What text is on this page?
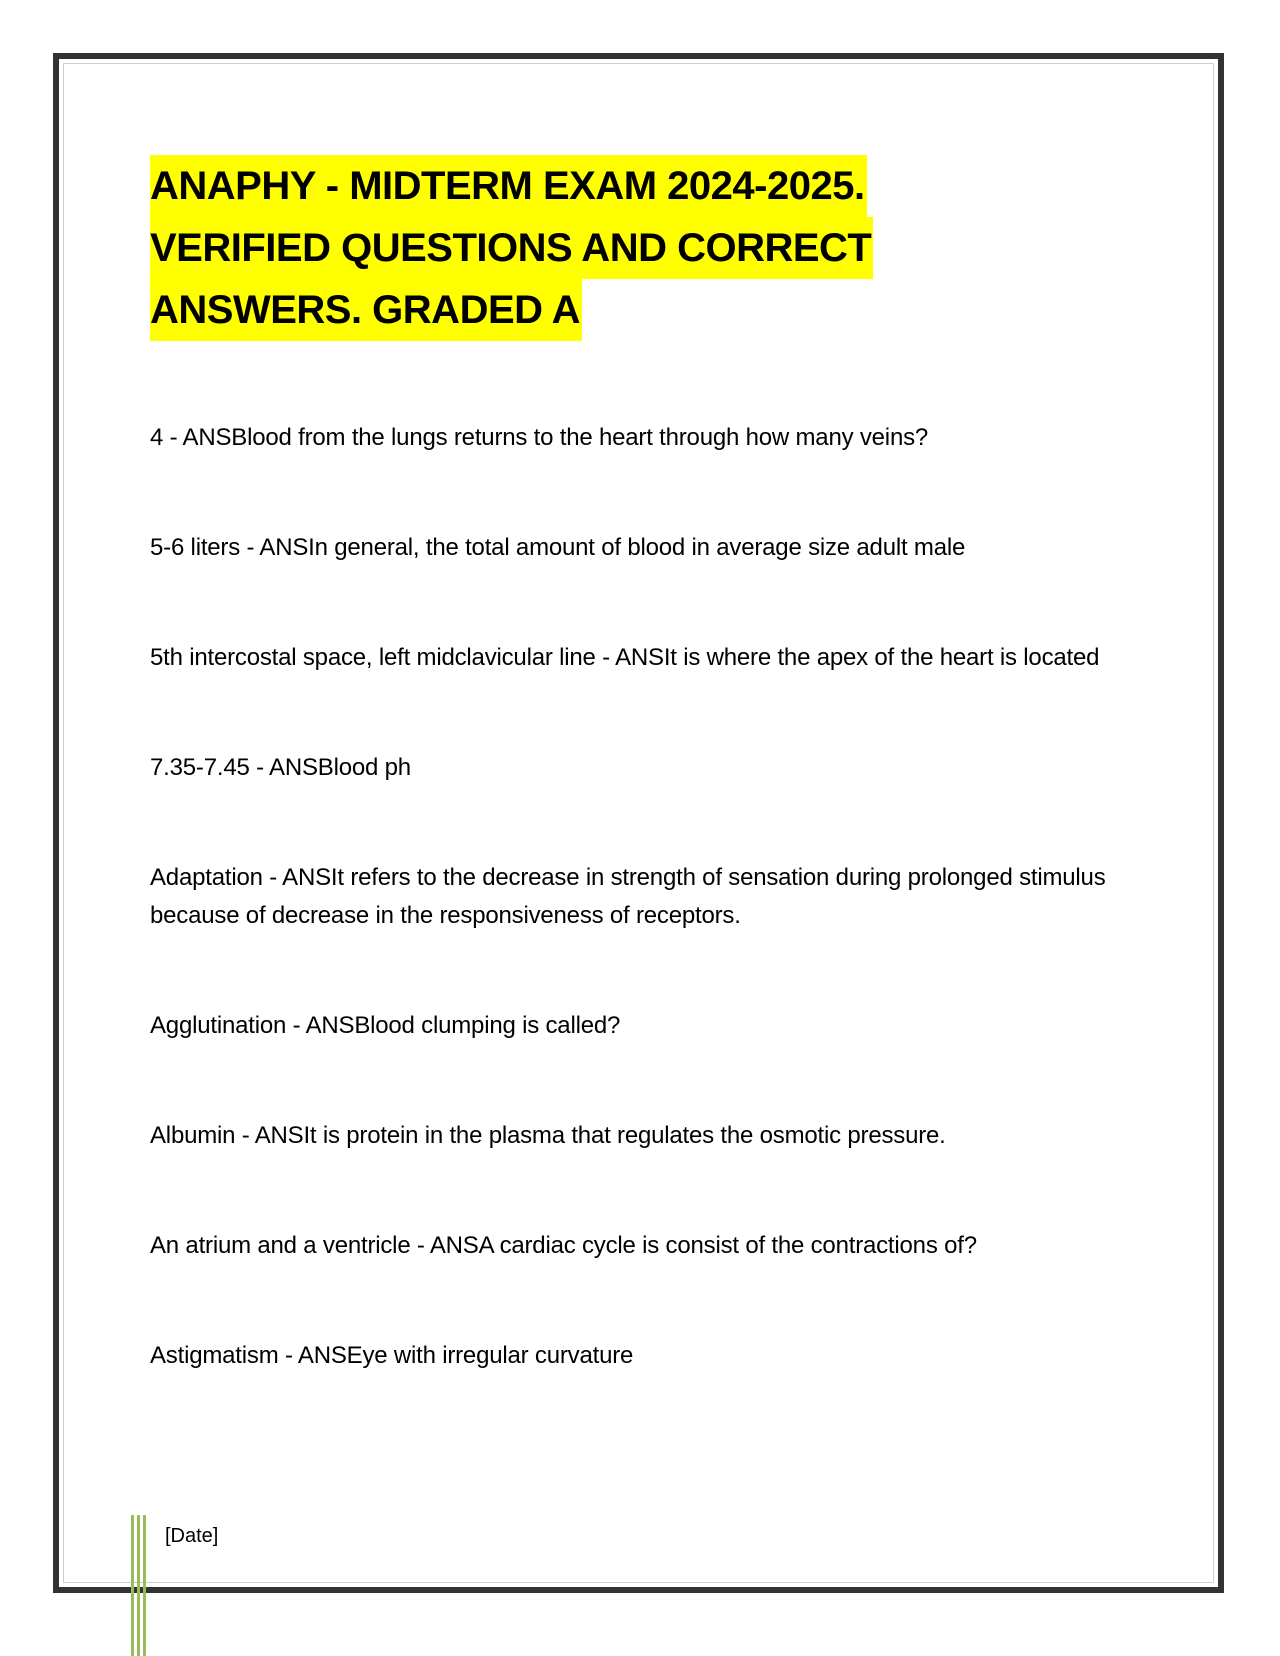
ANAPHY - MIDTERM EXAM 2024-2025.
VERIFIED QUESTIONS AND CORRECT
ANSWERS. GRADED A
4 - ANSBlood from the lungs returns to the heart through how many veins?
5-6 liters - ANSIn general, the total amount of blood in average size adult male
5th intercostal space, left midclavicular line - ANSIt is where the apex of the heart is located
7.35-7.45 - ANSBlood ph
Adaptation - ANSIt refers to the decrease in strength of sensation during prolonged stimulus because of decrease in the responsiveness of receptors.
Agglutination - ANSBlood clumping is called?
Albumin - ANSIt is protein in the plasma that regulates the osmotic pressure.
An atrium and a ventricle - ANSA cardiac cycle is consist of the contractions of?
Astigmatism - ANSEye with irregular curvature
[Date]
